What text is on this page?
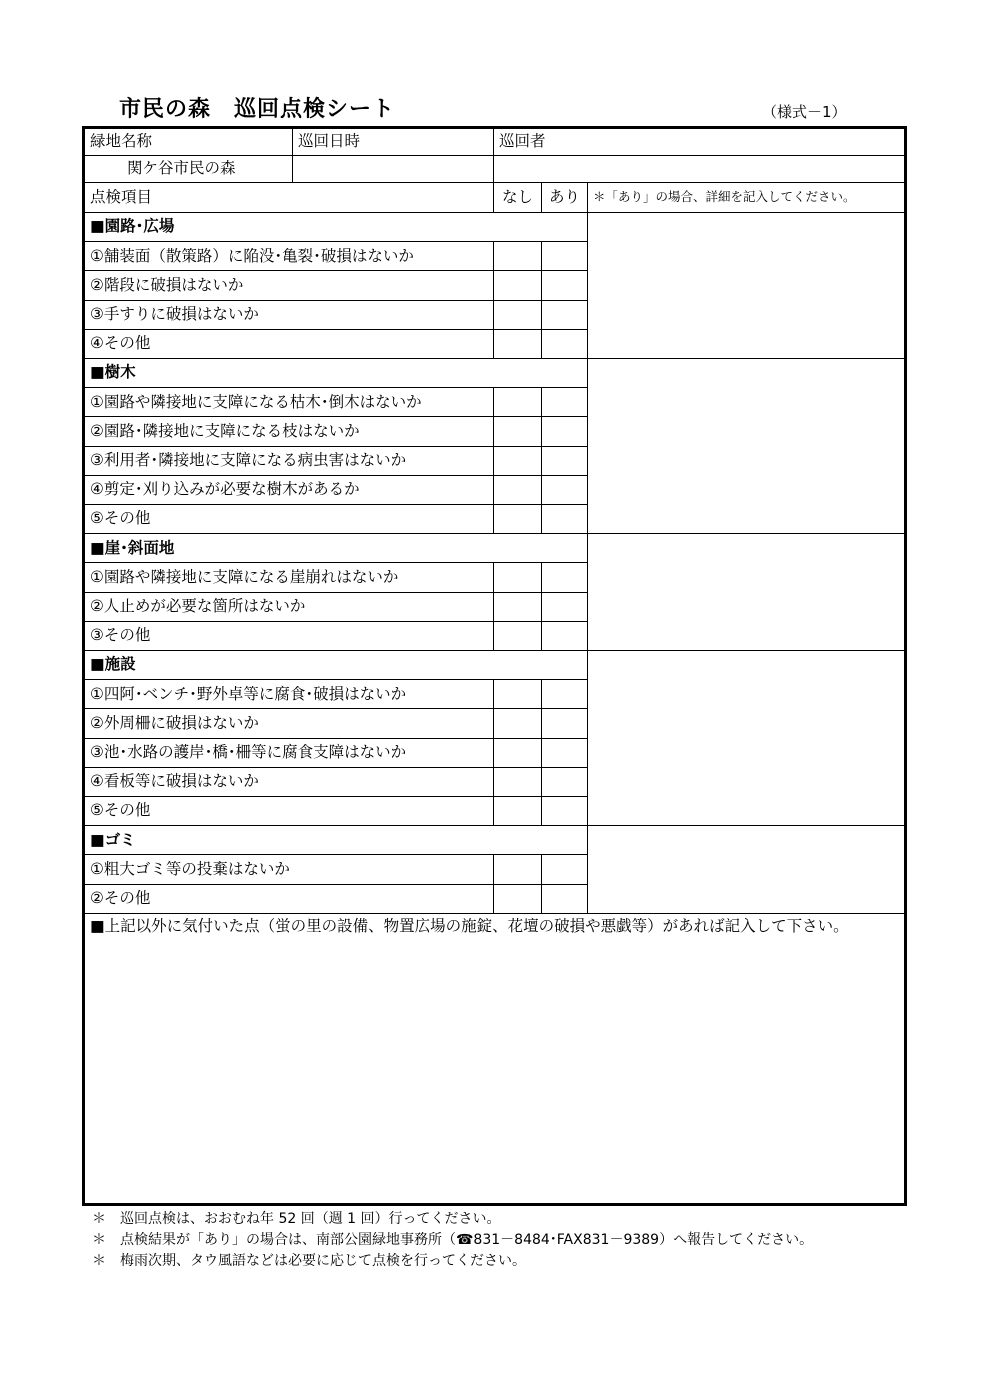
市民の森　巡回点検シート	（様式－1）
緑地名称	巡回日時	巡回者
関ケ谷市民の森
点検項目	なし	あり	＊「あり」の場合、詳細を記入してください。
■上記以外に気付いた点（蛍の里の設備、物置広場の施錠、花壇の破損や悪戯等）があれば記入して下さい。
■園路･広場
①舗装面（散策路）に陥没･亀裂･破損はないか
②階段に破損はないか
③手すりに破損はないか
④その他
■樹木
①園路や隣接地に支障になる枯木･倒木はないか
②園路･隣接地に支障になる枝はないか
③利用者･隣接地に支障になる病虫害はないか
④剪定･刈り込みが必要な樹木があるか
⑤その他
■崖･斜面地
①園路や隣接地に支障になる崖崩れはないか
②人止めが必要な箇所はないか
③その他
■施設
①四阿･ベンチ･野外卓等に腐食･破損はないか
②外周柵に破損はないか
③池･水路の護岸･橋･柵等に腐食支障はないか
④看板等に破損はないか
⑤その他
■ゴミ
①粗大ゴミ等の投棄はないか
②その他
＊　巡回点検は、おおむね年 52 回（週 1 回）行ってください。
＊　点検結果が「あり」の場合は、南部公園緑地事務所（☎831－8484･FAX831－9389）へ報告してください。
＊　梅雨次期、タウ風語などは必要に応じて点検を行ってください。
